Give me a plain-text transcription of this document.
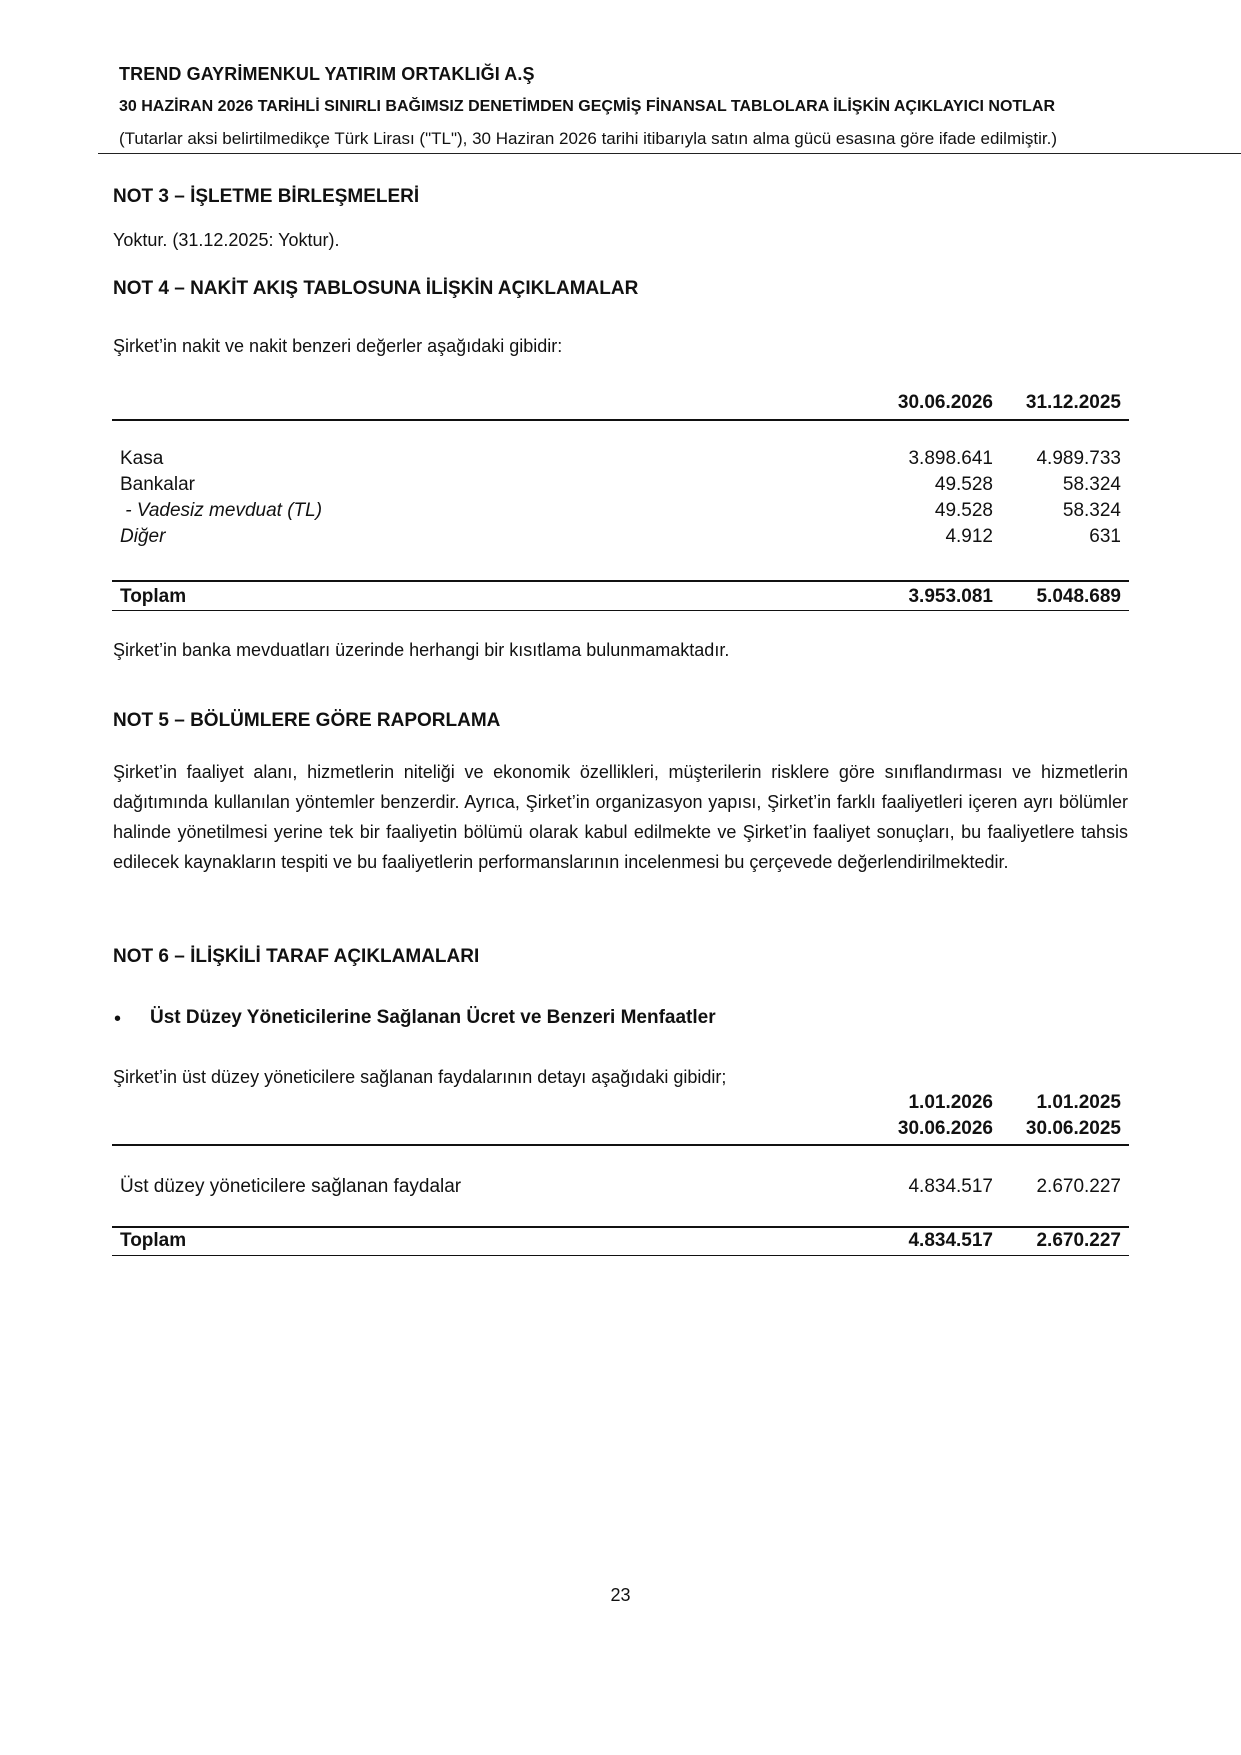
TREND GAYRİMENKUL YATIRIM ORTAKLIĞI A.Ş
30 HAZİRAN 2026 TARİHLİ SINIRLI BAĞIMSIZ DENETİMDEN GEÇMİŞ FİNANSAL TABLOLARA İLİŞKİN AÇIKLAYICI NOTLAR
(Tutarlar aksi belirtilmedikçe Türk Lirası ("TL"), 30 Haziran 2026 tarihi itibarıyla satın alma gücü esasına göre ifade edilmiştir.)
NOT 3 – İŞLETME BİRLEŞMELERİ
Yoktur. (31.12.2025: Yoktur).
NOT 4 – NAKİT AKIŞ TABLOSUNA İLİŞKİN AÇIKLAMALAR
Şirket’in nakit ve nakit benzeri değerler aşağıdaki gibidir:
30.06.2026 31.12.2025
Kasa	3.898.641 4.989.733
Bankalar	49.528	58.324
- Vadesiz mevduat (TL)	49.528	58.324
Diğer	4.912	631
Toplam	3.953.081 5.048.689
Şirket’in banka mevduatları üzerinde herhangi bir kısıtlama bulunmamaktadır.
NOT 5 – BÖLÜMLERE GÖRE RAPORLAMA
Şirket’in faaliyet alanı, hizmetlerin niteliği ve ekonomik özellikleri, müşterilerin risklere göre sınıflandırması ve hizmetlerin dağıtımında kullanılan yöntemler benzerdir. Ayrıca, Şirket’in organizasyon yapısı, Şirket’in farklı faaliyetleri içeren ayrı bölümler halinde yönetilmesi yerine tek bir faaliyetin bölümü olarak kabul edilmekte ve Şirket’in faaliyet sonuçları, bu faaliyetlere tahsis edilecek kaynakların tespiti ve bu faaliyetlerin performanslarının incelenmesi bu çerçevede değerlendirilmektedir.
NOT 6 – İLİŞKİLİ TARAF AÇIKLAMALARI
• Üst Düzey Yöneticilerine Sağlanan Ücret ve Benzeri Menfaatler
Şirket’in üst düzey yöneticilere sağlanan faydalarının detayı aşağıdaki gibidir;
1.01.2026 1.01.2025
30.06.2026 30.06.2025
Üst düzey yöneticilere sağlanan faydalar	4.834.517 2.670.227
Toplam	4.834.517 2.670.227
23
